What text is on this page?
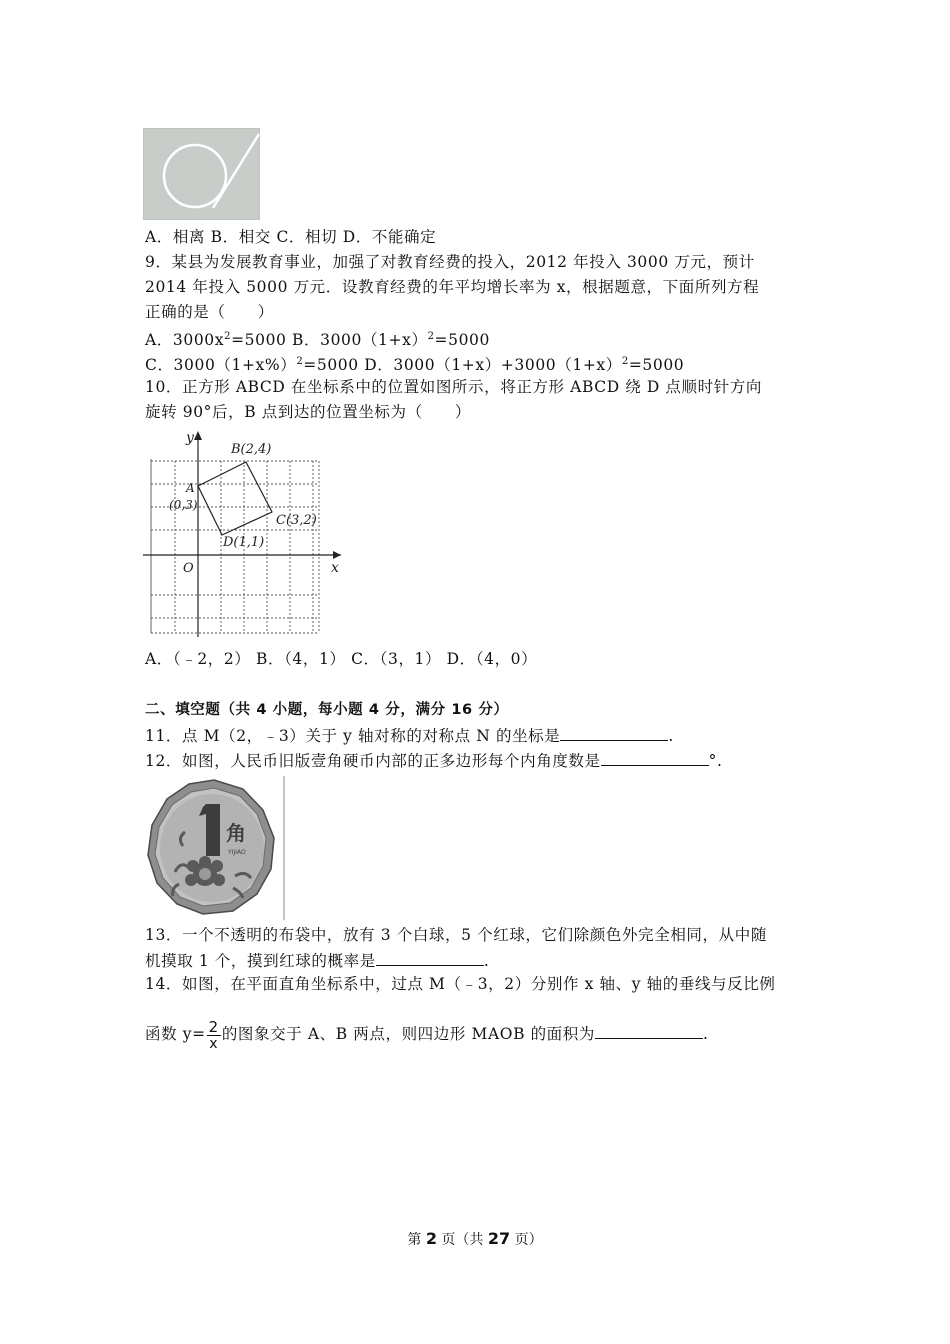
A．相离 B．相交 C．相切 D．不能确定
9．某县为发展教育事业，加强了对教育经费的投入，2012 年投入 3000 万元，预计
2014 年投入 5000 万元．设教育经费的年平均增长率为 x，根据题意，下面所列方程
正确的是（　　）
A．$3000x^2=5000$ B．$3000(1+x)^2=5000$
C．$3000(1+x\%)^2=5000$ D．$3000(1+x)+3000(1+x)^2=5000$
10．正方形 ABCD 在坐标系中的位置如图所示，将正方形 ABCD 绕 D 点顺时针方向
旋转 90°后，B 点到达的位置坐标为（　　）
y
x
O
A
(0,3)
B(2,4)
C(3,2)
D(1,1)
A．（﹣2，2） B．（4，1） C．（3，1） D．（4，0）
二、填空题（共 4 小题，每小题 4 分，满分 16 分）
11．点 M（2，﹣3）关于 y 轴对称的对称点 N 的坐标是	.
12．如图，人民币旧版壹角硬币内部的正多边形每个内角度数是	°.
角
YIJIAO
13．一个不透明的布袋中，放有 3 个白球，5 个红球，它们除颜色外完全相同，从中随
机摸取 1 个，摸到红球的概率是	.
14．如图，在平面直角坐标系中，过点 M（﹣3，2）分别作 x 轴、y 轴的垂线与反比例
函数 $y= \frac{2}{x}$ 的图象交于 A、B 两点，则四边形 MAOB 的面积为	.
第 2 页（共 27 页）
